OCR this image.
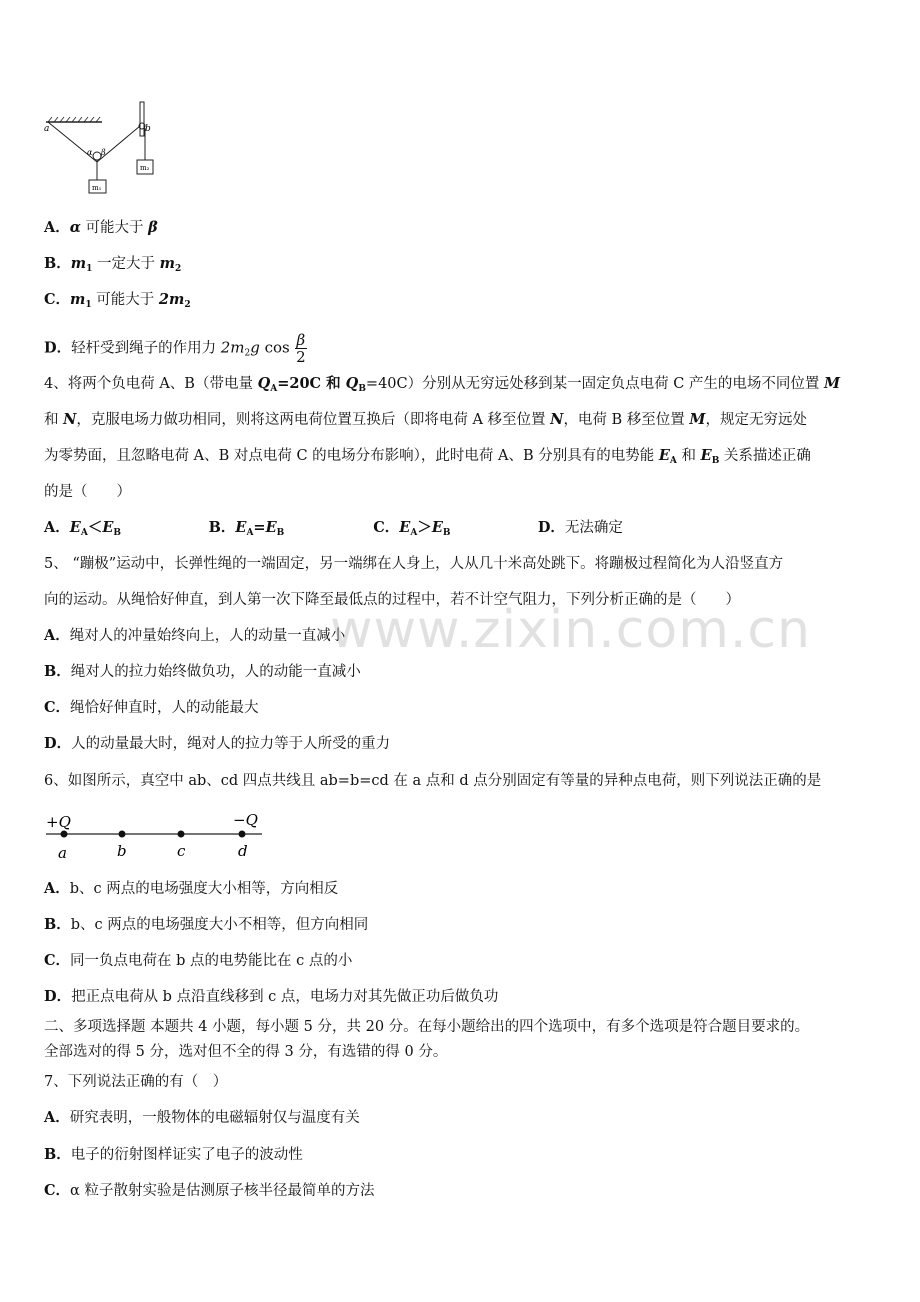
a	b
α β
m₁
m₂
A．α 可能大于 β
B．$m_1$ 一定大于 $m_2$
C．$m_1$ 可能大于 $2m_2$
D．轻杆受到绳子的作用力 $2m_2g$ $\cos \frac{\beta}{2}$
4、将两个负电荷 A、B（带电量 $Q_A=20C$ 和 $Q_B=40C$）分别从无穷远处移到某一固定负点电荷 C 产生的电场不同位置 M
和 N，克服电场力做功相同，则将这两电荷位置互换后（即将电荷 A 移至位置 N，电荷 B 移至位置 M，规定无穷远处
为零势面，且忽略电荷 A、B 对点电荷 C 的电场分布影响），此时电荷 A、B 分别具有的电势能 $E_A$ 和 $E_B$ 关系描述正确
的是（　　）
A．$E_A<E_B$	B．$E_A=E_B$	C．$E_A>E_B$	D．无法确定
5、 “蹦极”运动中，长弹性绳的一端固定，另一端绑在人身上，人从几十米高处跳下。将蹦极过程简化为人沿竖直方
向的运动。从绳恰好伸直，到人第一次下降至最低点的过程中，若不计空气阻力，下列分析正确的是（　　）
A．绳对人的冲量始终向上，人的动量一直减小
B．绳对人的拉力始终做负功，人的动能一直减小
C．绳恰好伸直时，人的动能最大
D．人的动量最大时，绳对人的拉力等于人所受的重力
6、如图所示，真空中 ab、cd 四点共线且 ab=b=cd 在 a 点和 d 点分别固定有等量的异种点电荷，则下列说法正确的是
+Q	−Q
a	b	c	d
A．b、c 两点的电场强度大小相等，方向相反
B．b、c 两点的电场强度大小不相等，但方向相同
C．同一负点电荷在 b 点的电势能比在 c 点的小
D．把正点电荷从 b 点沿直线移到 c 点，电场力对其先做正功后做负功
二、多项选择题 本题共 4 小题，每小题 5 分，共 20 分。在每小题给出的四个选项中，有多个选项是符合题目要求的。
全部选对的得 5 分，选对但不全的得 3 分，有选错的得 0 分。
7、下列说法正确的有（　）
A．研究表明，一般物体的电磁辐射仅与温度有关
B．电子的衍射图样证实了电子的波动性
C．α 粒子散射实验是估测原子核半径最简单的方法
www.zixin.com.cn
